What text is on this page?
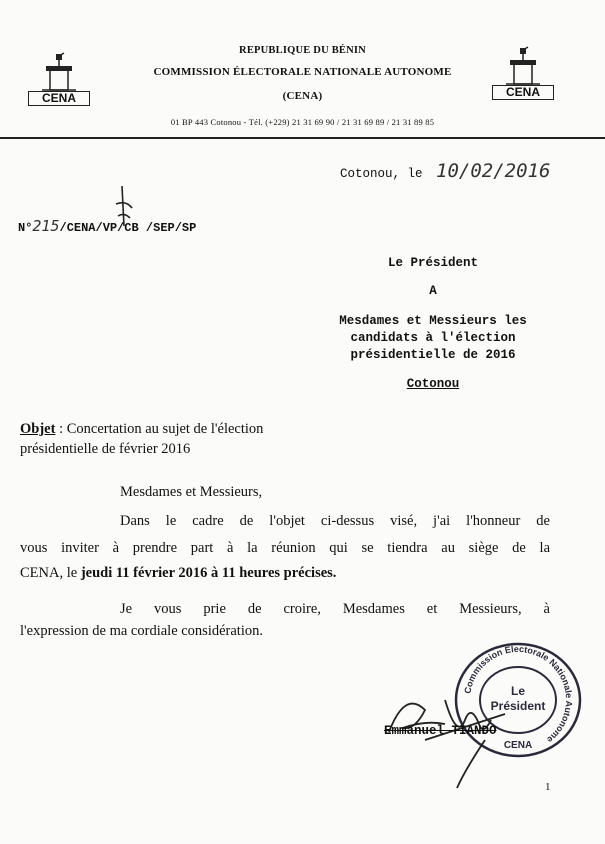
CENA	CENA
REPUBLIQUE DU BÉNIN
COMMISSION ÉLECTORALE NATIONALE AUTONOME
(CENA)
01 BP 443 Cotonou - Tél. (+229) 21 31 69 90 / 21 31 69 89 / 21 31 89 85
Cotonou, le 10/02/2016
N°215/CENA/VP/CB /SEP/SP
Le Président
A
Mesdames et Messieurs les
candidats à l'élection
présidentielle de 2016
Cotonou
Objet : Concertation au sujet de l'élection
présidentielle de février 2016
Mesdames et Messieurs,
Dans le cadre de l'objet ci-dessus visé, j'ai l'honneur de
vous inviter à prendre part à la réunion qui se tiendra au siège de la
CENA, le jeudi 11 février 2016 à 11 heures précises.
Je vous prie de croire, Mesdames et Messieurs, à
l'expression de ma cordiale considération.
Commission Electorale Nationale Autonome
Le
Président
CENA
Emmanuel TIANDO
1
